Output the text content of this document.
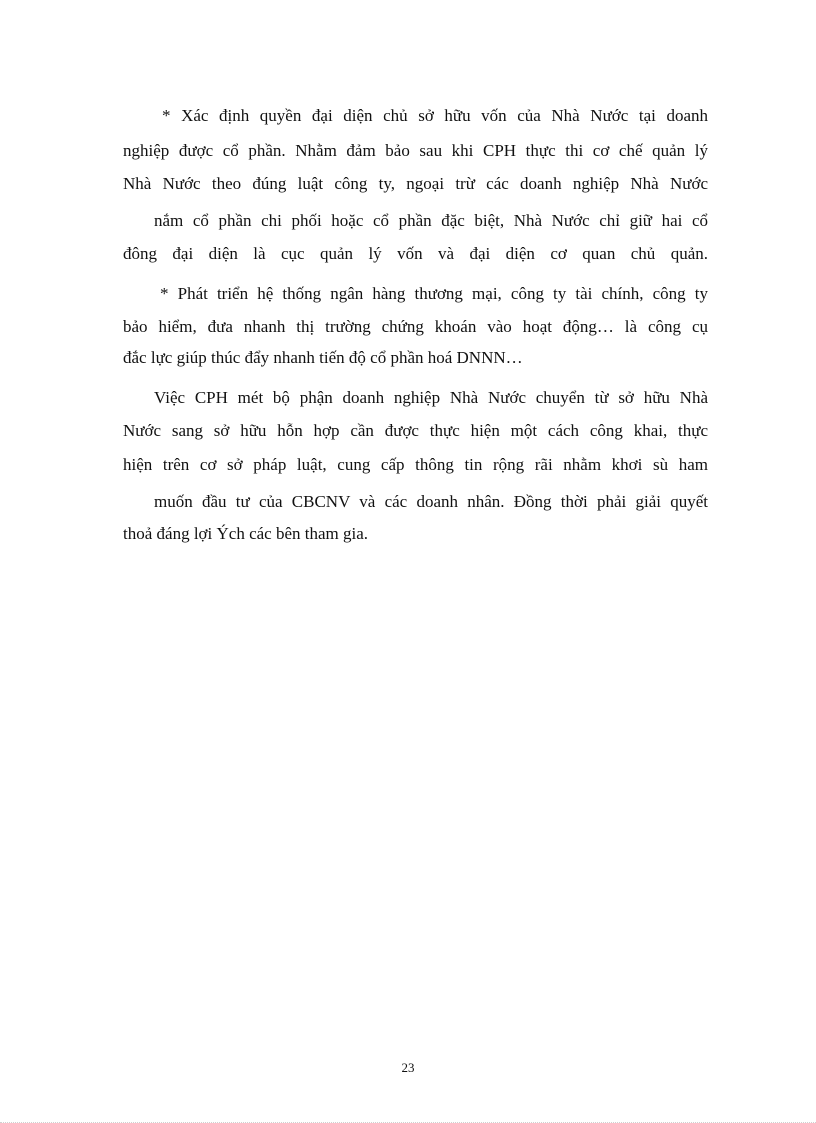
* Xác định quyền đại diện chủ sở hữu vốn của Nhà Nước tại doanh
nghiệp được cổ phần. Nhằm đảm bảo sau khi CPH thực thi cơ chế quản lý
Nhà Nước theo đúng luật công ty, ngoại trừ các doanh nghiệp Nhà Nước
nắm cổ phần chi phối hoặc cổ phần đặc biệt, Nhà Nước chỉ giữ hai cổ
đông đại diện là cục quản lý vốn và đại diện cơ quan chủ quản.
* Phát triển hệ thống ngân hàng thương mại, công ty tài chính, công ty
bảo hiểm, đưa nhanh thị trường chứng khoán vào hoạt động… là công cụ
đắc lực giúp thúc đẩy nhanh tiến độ cổ phần hoá DNNN…
Việc CPH mét bộ phận doanh nghiệp Nhà Nước chuyển từ sở hữu Nhà
Nước sang sở hữu hỗn hợp cần được thực hiện một cách công khai, thực
hiện trên cơ sở pháp luật, cung cấp thông tin rộng rãi nhằm khơi sù ham
muốn đầu tư của CBCNV và các doanh nhân. Đồng thời phải giải quyết
thoả đáng lợi Ých các bên tham gia.
23
